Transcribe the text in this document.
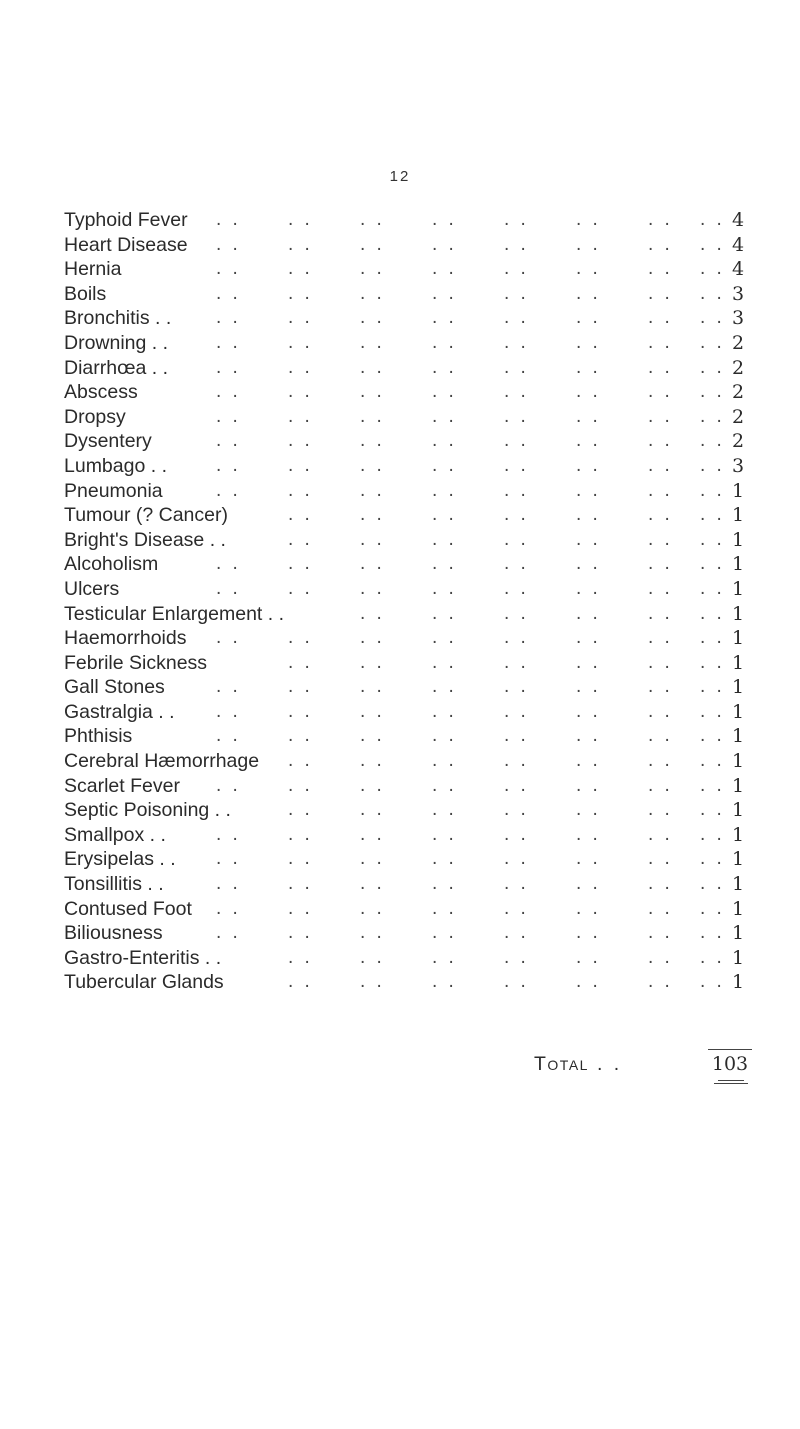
12
Typhoid Fever	4
. . . . . . . . . . . . . . . .
Heart Disease	4
. . . . . . . . . . . . . . . .
Hernia	4
. . . . . . . . . . . . . . . .
Boils	3
. . . . . . . . . . . . . . . .
Bronchitis . .	3
. . . . . . . . . . . . . . . .
Drowning . .	2
. . . . . . . . . . . . . . . .
Diarrhœa . .	2
. . . . . . . . . . . . . . . .
Abscess	2
. . . . . . . . . . . . . . . .
Dropsy	2
. . . . . . . . . . . . . . . .
Dysentery	2
. . . . . . . . . . . . . . . .
Lumbago . .	3
. . . . . . . . . . . . . . . .
Pneumonia	1
. . . . . . . . . . . . . . . .
Tumour (? Cancer)	1
. . . . . . . . . . . . . .
Bright's Disease . .	1
. . . . . . . . . . . . . .
Alcoholism	1
. . . . . . . . . . . . . . . .
Ulcers	1
. . . . . . . . . . . . . . . .
Testicular Enlargement . .	1
. . . . . . . . . . . .
Haemorrhoids	1
. . . . . . . . . . . . . . . .
Febrile Sickness	1
. . . . . . . . . . . . . .
Gall Stones	1
. . . . . . . . . . . . . . . .
Gastralgia . .	1
. . . . . . . . . . . . . . . .
Phthisis	1
. . . . . . . . . . . . . . . .
Cerebral Hæmorrhage	1
. . . . . . . . . . . . . .
Scarlet Fever	1
. . . . . . . . . . . . . . . .
Septic Poisoning . .	1
. . . . . . . . . . . . . .
Smallpox . .	1
. . . . . . . . . . . . . . . .
Erysipelas . .	1
. . . . . . . . . . . . . . . .
Tonsillitis . .	1
. . . . . . . . . . . . . . . .
Contused Foot	1
. . . . . . . . . . . . . . . .
Biliousness	1
. . . . . . . . . . . . . . . .
Gastro-Enteritis . .	1
. . . . . . . . . . . . . .
Tubercular Glands	1
. . . . . . . . . . . . . .
Total . .	103
